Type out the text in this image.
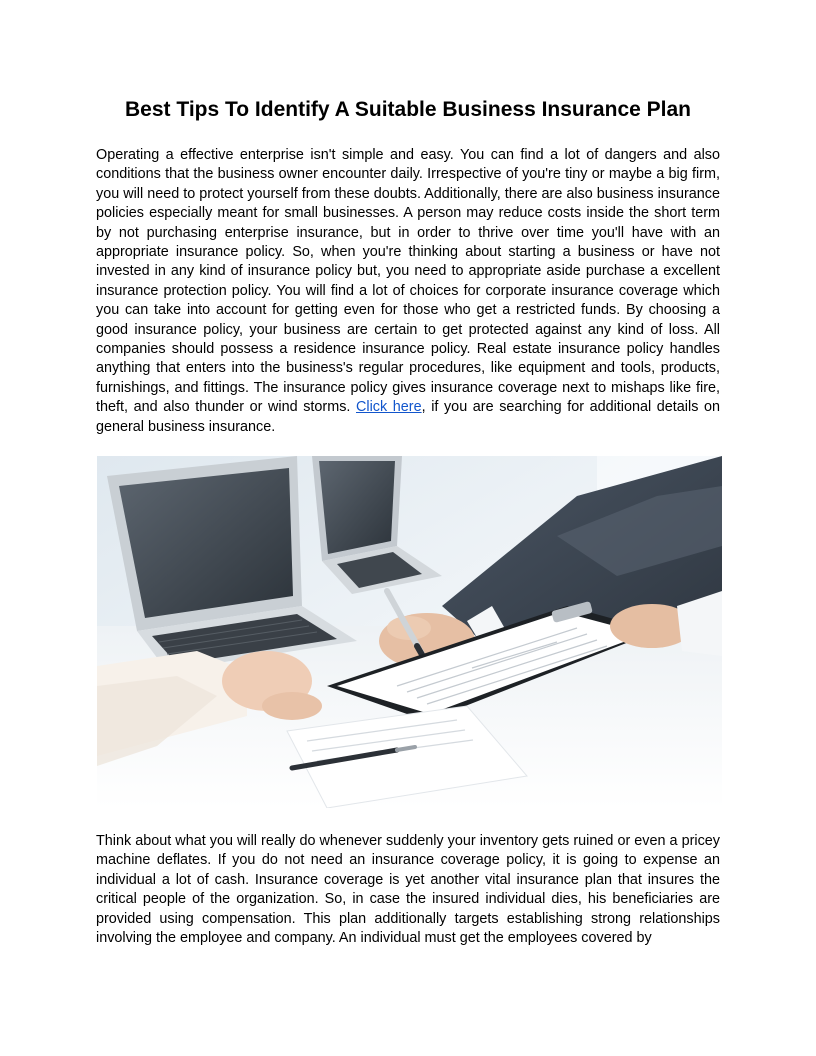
Best Tips To Identify A Suitable Business Insurance Plan

Operating a effective enterprise isn't simple and easy. You can find a lot of dangers and also conditions that the business owner encounter daily. Irrespective of you're tiny or maybe a big firm, you will need to protect yourself from these doubts. Additionally, there are also business insurance policies especially meant for small businesses. A person may reduce costs inside the short term by not purchasing enterprise insurance, but in order to thrive over time you'll have with an appropriate insurance policy. So, when you're thinking about starting a business or have not invested in any kind of insurance policy but, you need to appropriate aside purchase a excellent insurance protection policy. You will find a lot of choices for corporate insurance coverage which you can take into account for getting even for those who get a restricted funds. By choosing a good insurance policy, your business are certain to get protected against any kind of loss. All companies should possess a residence insurance policy. Real estate insurance policy handles anything that enters into the business's regular procedures, like equipment and tools, products, furnishings, and fittings. The insurance policy gives insurance coverage next to mishaps like fire, theft, and also thunder or wind storms. Click here, if you are searching for additional details on general business insurance.

Think about what you will really do whenever suddenly your inventory gets ruined or even a pricey machine deflates. If you do not need an insurance coverage policy, it is going to expense an individual a lot of cash. Insurance coverage is yet another vital insurance plan that insures the critical people of the organization. So, in case the insured individual dies, his beneficiaries are provided using compensation. This plan additionally targets establishing strong relationships involving the employee and company. An individual must get the employees covered by
